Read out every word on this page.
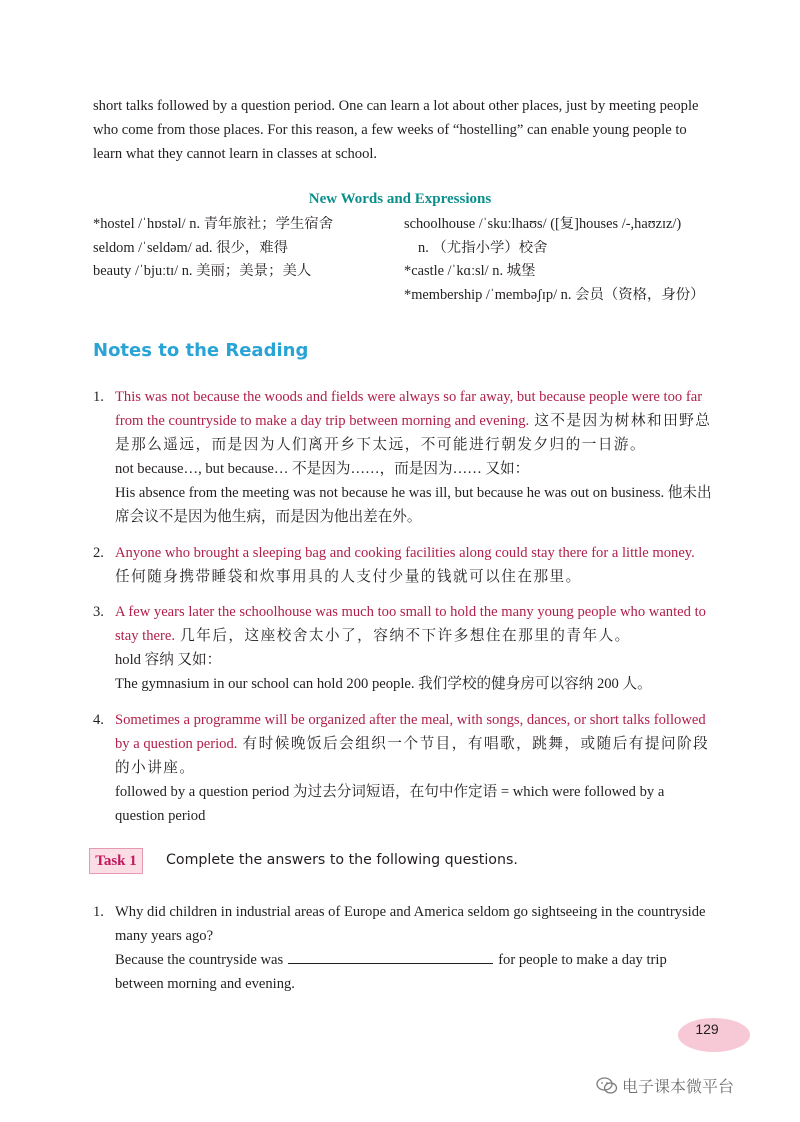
short talks followed by a question period. One can learn a lot about other places, just by meeting people who come from those places. For this reason, a few weeks of “hostelling” can enable young people to learn what they cannot learn in classes at school.
New Words and Expressions
*hostel /ˈhɒstəl/ n. 青年旅社；学生宿舍
seldom /ˈseldəm/ ad. 很少，难得
beauty /ˈbjuːtɪ/ n. 美丽；美景；美人
schoolhouse /ˈskuːlhaʊs/ ([复]houses /-,haʊzɪz/)
n. （尤指小学）校舍
*castle /ˈkɑːsl/ n. 城堡
*membership /ˈmembəʃɪp/ n. 会员（资格，身份）
Notes to the Reading
1. This was not because the woods and fields were always so far away, but because people were too far from the countryside to make a day trip between morning and evening. 这不是因为树林和田野总是那么遥远，而是因为人们离开乡下太远，不可能进行朝发夕归的一日游。
not because…, but because… 不是因为……，而是因为…… 又如：
His absence from the meeting was not because he was ill, but because he was out on business. 他未出席会议不是因为他生病，而是因为他出差在外。
2. Anyone who brought a sleeping bag and cooking facilities along could stay there for a little money. 任何随身携带睡袋和炊事用具的人支付少量的钱就可以住在那里。
3. A few years later the schoolhouse was much too small to hold the many young people who wanted to stay there. 几年后，这座校舍太小了，容纳不下许多想住在那里的青年人。
hold 容纳 又如：
The gymnasium in our school can hold 200 people. 我们学校的健身房可以容纳 200 人。
4. Sometimes a programme will be organized after the meal, with songs, dances, or short talks followed by a question period. 有时候晚饭后会组织一个节目，有唱歌，跳舞，或随后有提问阶段的小讲座。
followed by a question period 为过去分词短语，在句中作定语 = which were followed by a question period
Task 1	Complete the answers to the following questions.
1. Why did children in industrial areas of Europe and America seldom go sightseeing in the countryside many years ago?
Because the countryside was	for people to make a day trip between morning and evening.
129
电子课本微平台
